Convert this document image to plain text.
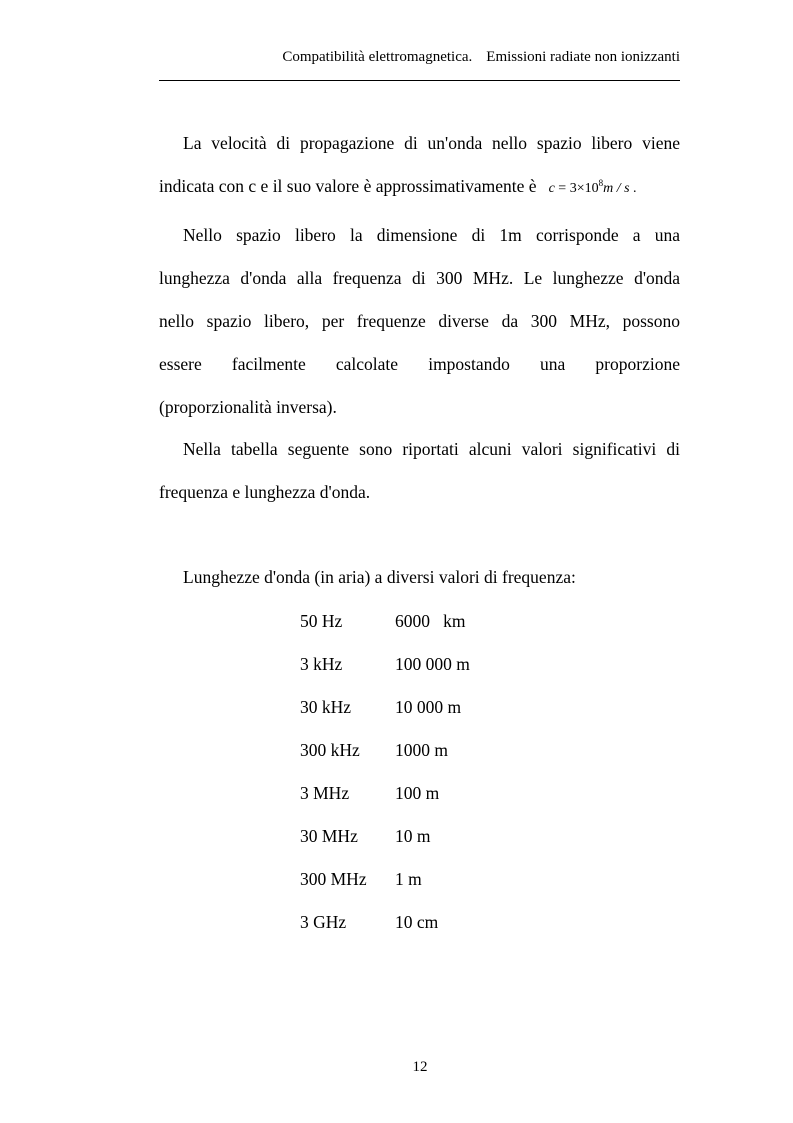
Compatibilità elettromagnetica. Emissioni radiate non ionizzanti
La velocità di propagazione di un'onda nello spazio libero viene
indicata con c e il suo valore è approssimativamente è $c = 3\times 10^8m / s$ .
Nello spazio libero la dimensione di 1m corrisponde a una
lunghezza d'onda alla frequenza di 300 MHz. Le lunghezze d'onda
nello spazio libero, per frequenze diverse da 300 MHz, possono
essere facilmente calcolate impostando una proporzione
(proporzionalità inversa).
Nella tabella seguente sono riportati alcuni valori significativi di
frequenza e lunghezza d'onda.
Lunghezze d'onda (in aria) a diversi valori di frequenza:
50 Hz	6000   km
3 kHz	100 000 m
30 kHz	10 000 m
300 kHz 1000 m
3 MHz	100 m
30 MHz 10 m
300 MHz 1 m
3 GHz	10 cm
12
